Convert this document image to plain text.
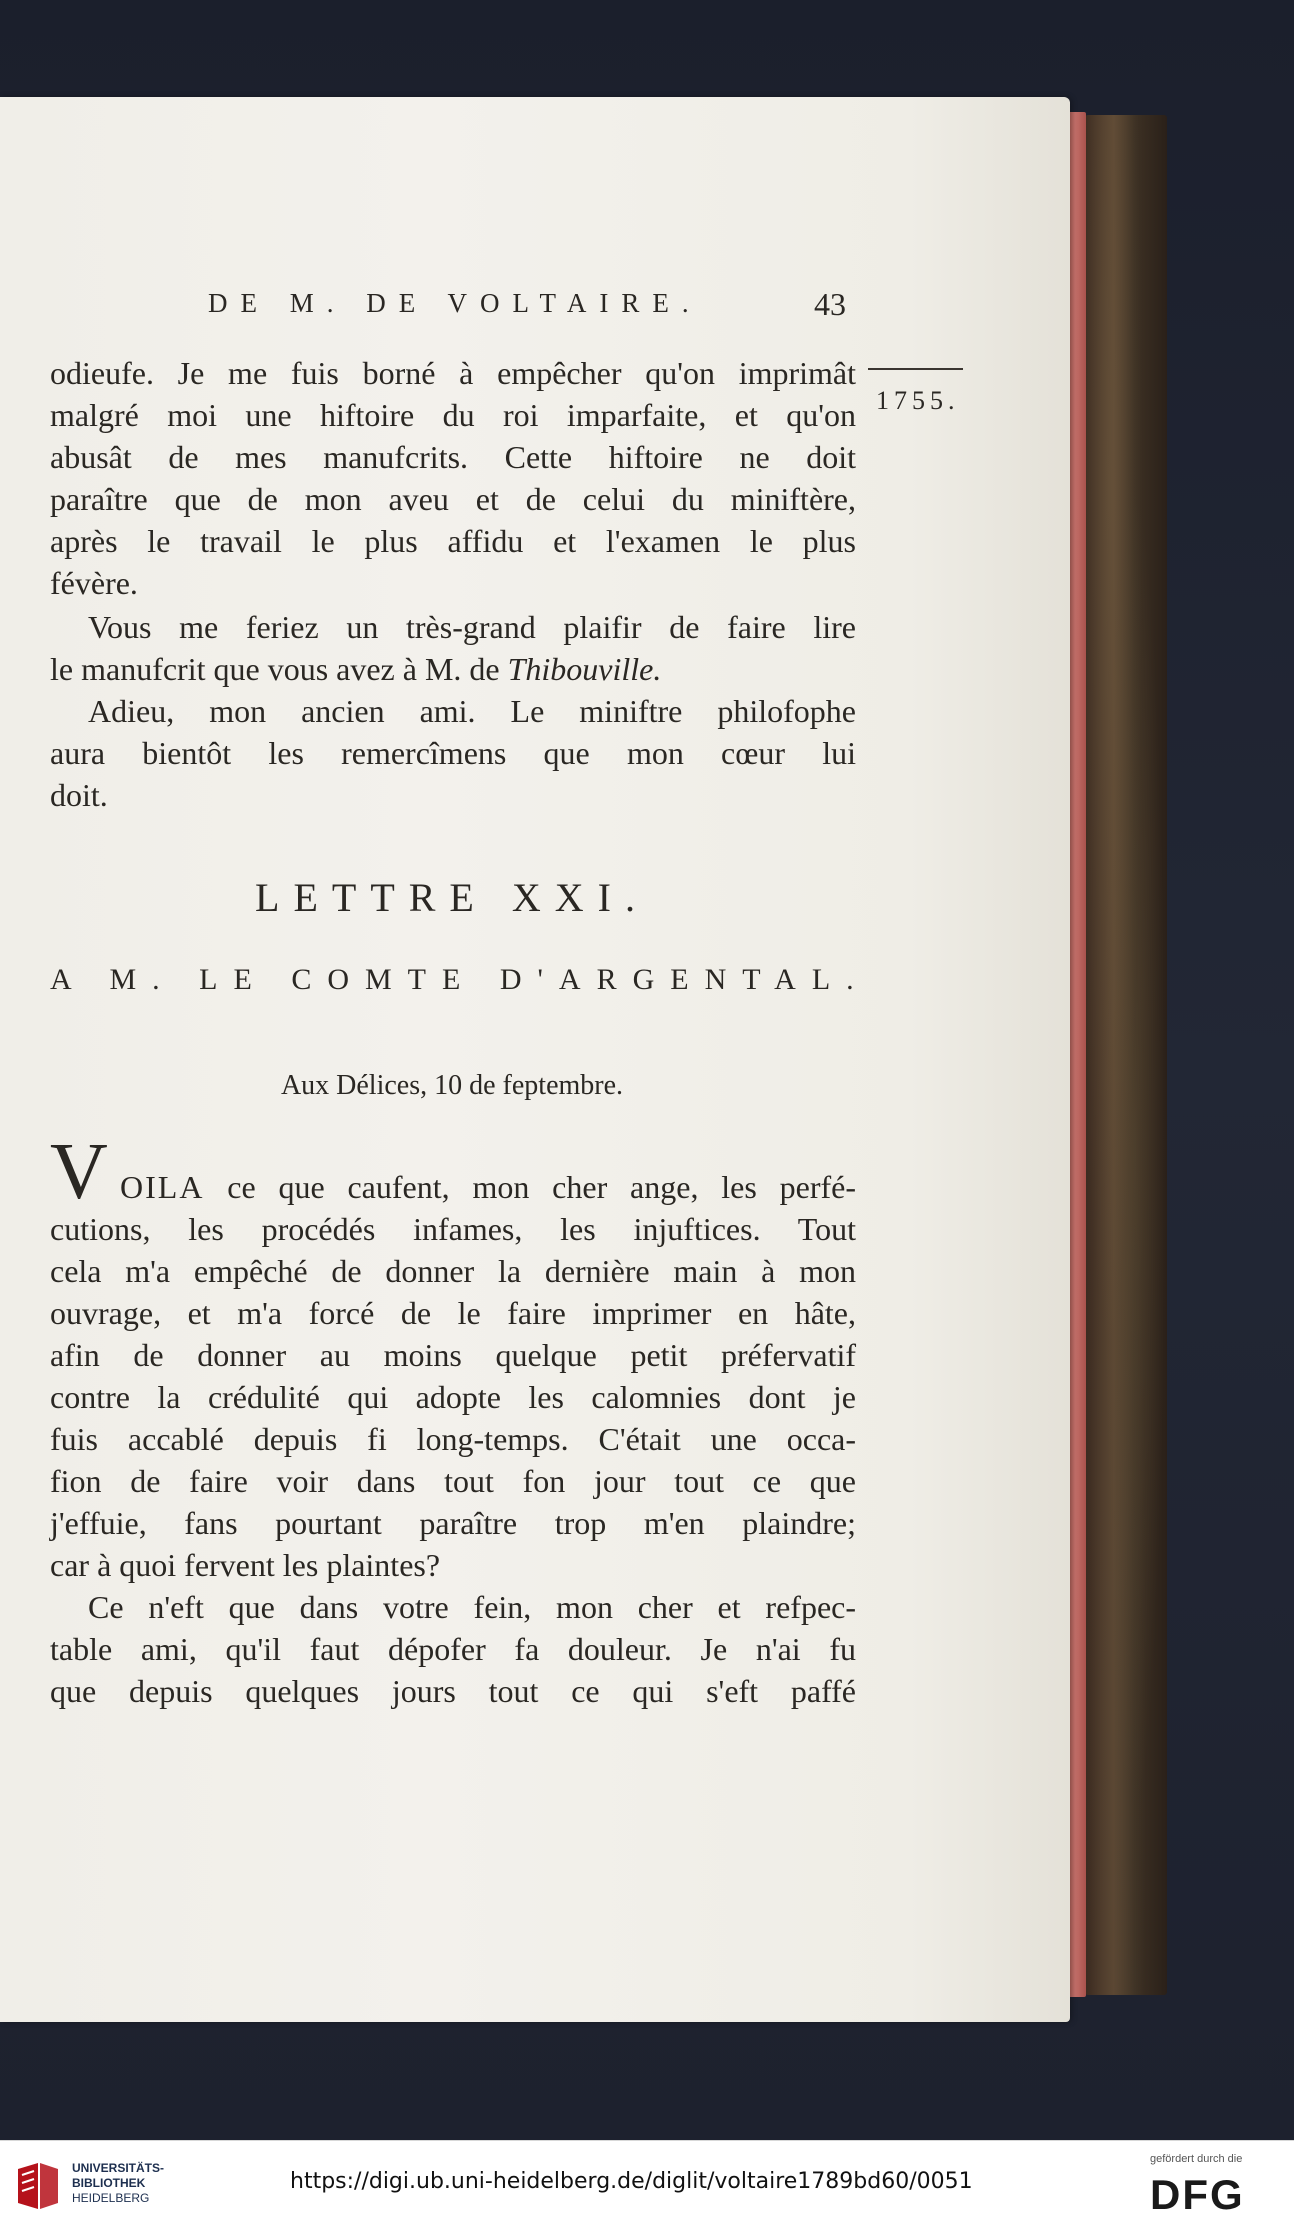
DE M. DE VOLTAIRE.	43
1755.
odieufe. Je me fuis borné à empêcher qu'on imprimât
malgré moi une hiftoire du roi imparfaite, et qu'on
abusât de mes manufcrits. Cette hiftoire ne doit
paraître que de mon aveu et de celui du miniftère,
après le travail le plus affidu et l'examen le plus
févère.
Vous me feriez un très-grand plaifir de faire lire
le manufcrit que vous avez à M. de Thibouville.
Adieu, mon ancien ami. Le miniftre philofophe
aura bientôt les remercîmens que mon cœur lui
doit.
LETTRE XXI.
A M. LE COMTE D'ARGENTAL.
Aux Délices, 10 de feptembre.
V OILA ce que caufent, mon cher ange, les perfé-
cutions, les procédés infames, les injuftices. Tout
cela m'a empêché de donner la dernière main à mon
ouvrage, et m'a forcé de le faire imprimer en hâte,
afin de donner au moins quelque petit préfervatif
contre la crédulité qui adopte les calomnies dont je
fuis accablé depuis fi long-temps. C'était une occa-
fion de faire voir dans tout fon jour tout ce que
j'effuie, fans pourtant paraître trop m'en plaindre;
car à quoi fervent les plaintes?
Ce n'eft que dans votre fein, mon cher et refpec-
table ami, qu'il faut dépofer fa douleur. Je n'ai fu
que depuis quelques jours tout ce qui s'eft paffé
UNIVERSITÄTS-
BIBLIOTHEK
HEIDELBERG
https://digi.ub.uni-heidelberg.de/diglit/voltaire1789bd60/0051
gefördert durch die
DFG
